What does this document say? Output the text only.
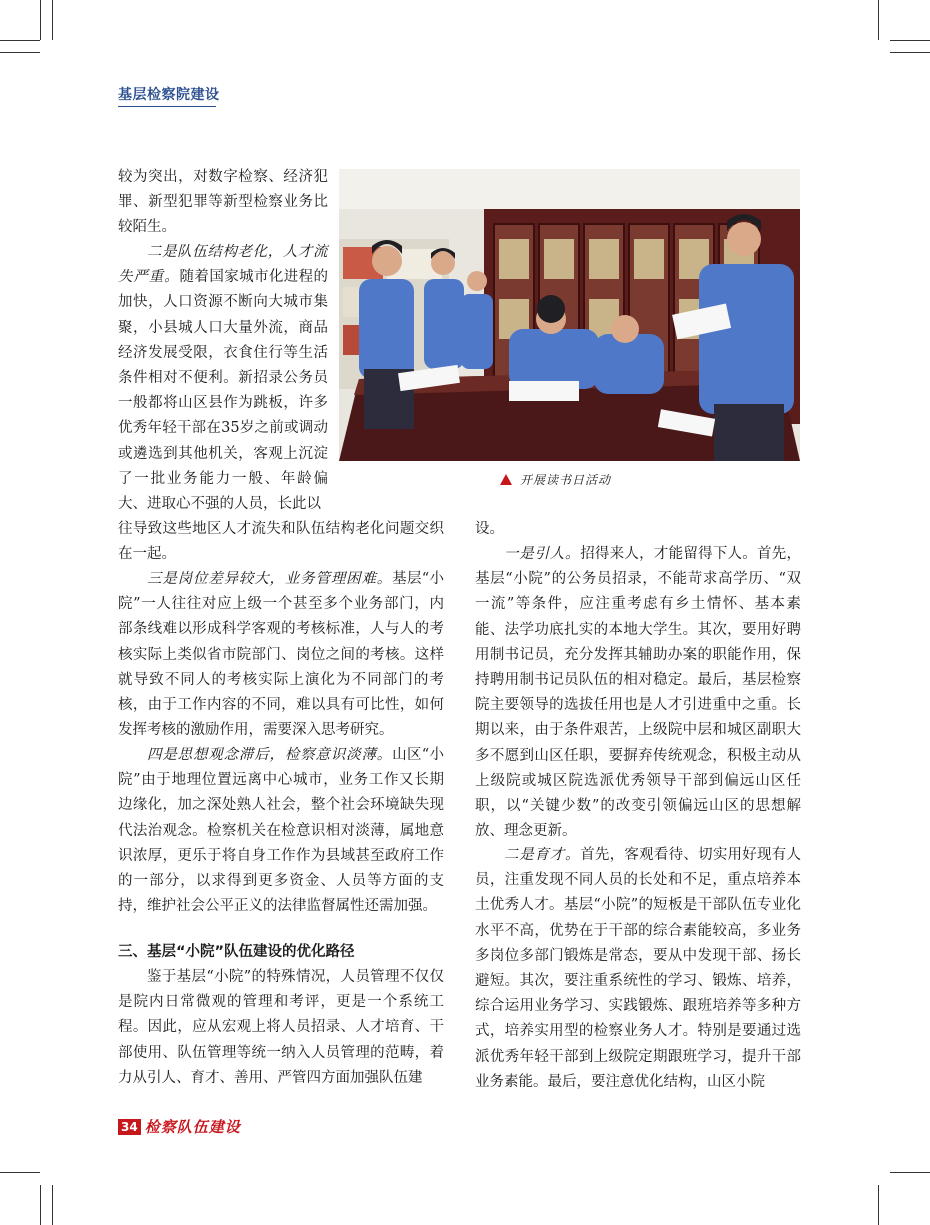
基层检察院建设

较为突出，对数字检察、经济犯罪、新型犯罪等新型检察业务比较陌生。

二是队伍结构老化，人才流失严重。随着国家城市化进程的加快，人口资源不断向大城市集聚，小县城人口大量外流，商品经济发展受限，衣食住行等生活条件相对不便利。新招录公务员一般都将山区县作为跳板，许多优秀年轻干部在35岁之前或调动或遴选到其他机关，客观上沉淀了一批业务能力一般、年龄偏大、进取心不强的人员，长此以

往导致这些地区人才流失和队伍结构老化问题交织在一起。

三是岗位差异较大，业务管理困难。基层“小院”一人往往对应上级一个甚至多个业务部门，内部条线难以形成科学客观的考核标准，人与人的考核实际上类似省市院部门、岗位之间的考核。这样就导致不同人的考核实际上演化为不同部门的考核，由于工作内容的不同，难以具有可比性，如何发挥考核的激励作用，需要深入思考研究。

四是思想观念滞后，检察意识淡薄。山区“小院”由于地理位置远离中心城市，业务工作又长期边缘化，加之深处熟人社会，整个社会环境缺失现代法治观念。检察机关在检意识相对淡薄，属地意识浓厚，更乐于将自身工作作为县域甚至政府工作的一部分，以求得到更多资金、人员等方面的支持，维护社会公平正义的法律监督属性还需加强。

三、基层“小院”队伍建设的优化路径

鉴于基层“小院”的特殊情况，人员管理不仅仅是院内日常微观的管理和考评，更是一个系统工程。因此，应从宏观上将人员招录、人才培育、干部使用、队伍管理等统一纳入人员管理的范畴，着力从引人、育才、善用、严管四方面加强队伍建

开展读书日活动

设。

一是引人。招得来人，才能留得下人。首先，基层“小院”的公务员招录，不能苛求高学历、“双一流”等条件，应注重考虑有乡土情怀、基本素能、法学功底扎实的本地大学生。其次，要用好聘用制书记员，充分发挥其辅助办案的职能作用，保持聘用制书记员队伍的相对稳定。最后，基层检察院主要领导的选拔任用也是人才引进重中之重。长期以来，由于条件艰苦，上级院中层和城区副职大多不愿到山区任职，要摒弃传统观念，积极主动从上级院或城区院选派优秀领导干部到偏远山区任职，以“关键少数”的改变引领偏远山区的思想解放、理念更新。

二是育才。首先，客观看待、切实用好现有人员，注重发现不同人员的长处和不足，重点培养本土优秀人才。基层“小院”的短板是干部队伍专业化水平不高，优势在于干部的综合素能较高，多业务多岗位多部门锻炼是常态，要从中发现干部、扬长避短。其次，要注重系统性的学习、锻炼、培养，综合运用业务学习、实践锻炼、跟班培养等多种方式，培养实用型的检察业务人才。特别是要通过选派优秀年轻干部到上级院定期跟班学习，提升干部业务素能。最后，要注意优化结构，山区小院

34 检察队伍建设
